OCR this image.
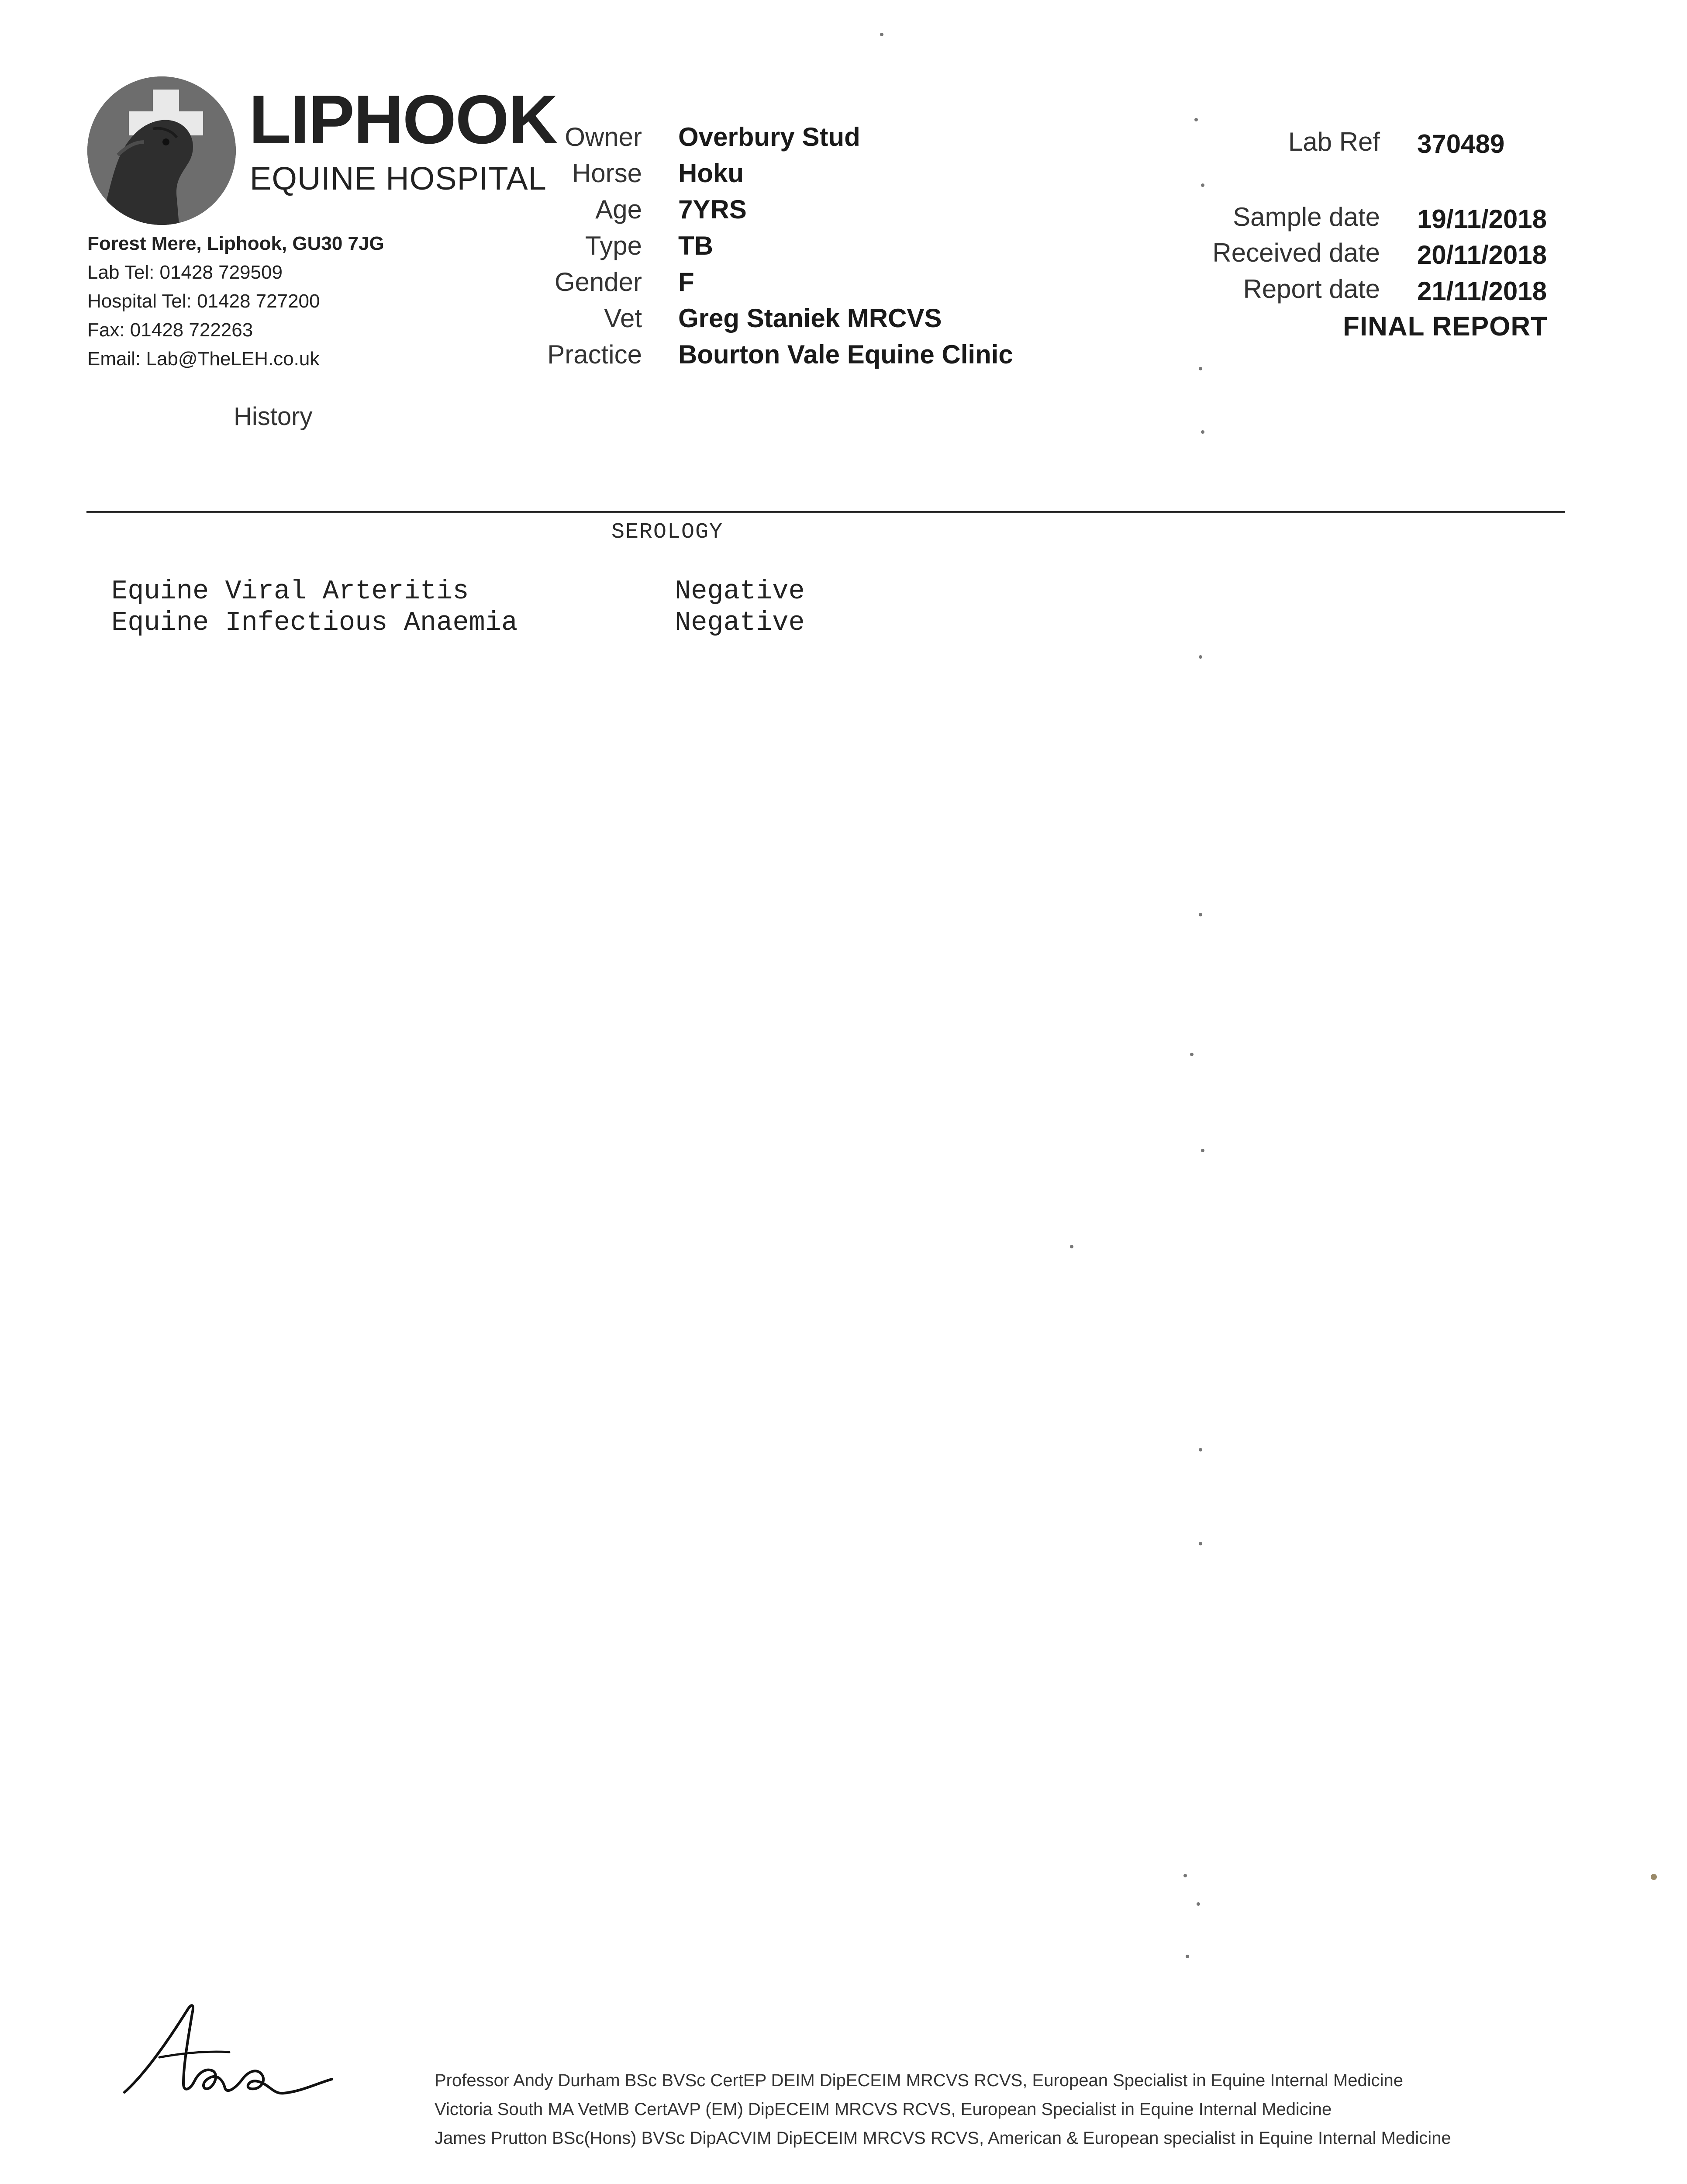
LIPHOOK
EQUINE HOSPITAL
Forest Mere, Liphook, GU30 7JG
Lab Tel: 01428 729509
Hospital Tel: 01428 727200
Fax: 01428 722263
Email: Lab@TheLEH.co.uk
History
Owner
Horse
Age
Type
Gender
Vet
Practice
Overbury Stud
Hoku
7YRS
TB
F
Greg Staniek MRCVS
Bourton Vale Equine Clinic
Lab Ref 370489
Sample date 19/11/2018
Received date 20/11/2018
Report date 21/11/2018
FINAL REPORT
SEROLOGY
Equine Viral Arteritis	Negative
Equine Infectious Anaemia	Negative
Professor Andy Durham BSc BVSc CertEP DEIM DipECEIM MRCVS RCVS, European Specialist in Equine Internal Medicine
Victoria South MA VetMB CertAVP (EM) DipECEIM MRCVS RCVS, European Specialist in Equine Internal Medicine
James Prutton BSc(Hons) BVSc DipACVIM DipECEIM MRCVS RCVS, American & European specialist in Equine Internal Medicine
